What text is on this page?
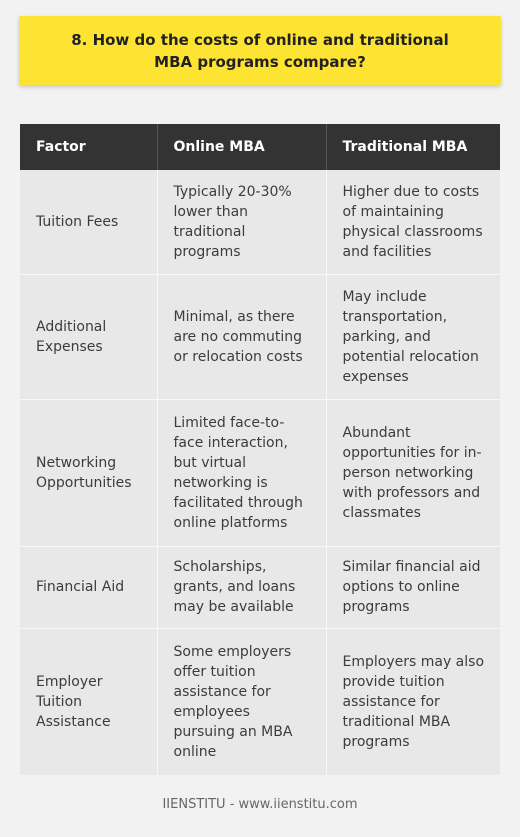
8. How do the costs of online and traditional MBA programs compare?
Factor	Online MBA	Traditional MBA
Tuition Fees	Typically 20-30% lower than traditional programs	Higher due to costs of maintaining physical classrooms and facilities
Additional Expenses	Minimal, as there are no commuting or relocation costs	May include transportation, parking, and potential relocation expenses
Networking Opportunities	Limited face-to-face interaction, but virtual networking is facilitated through online platforms	Abundant opportunities for in-person networking with professors and classmates
Financial Aid	Scholarships, grants, and loans may be available	Similar financial aid options to online programs
Employer Tuition Assistance	Some employers offer tuition assistance for employees pursuing an MBA online	Employers may also provide tuition assistance for traditional MBA programs
IIENSTITU - www.iienstitu.com
